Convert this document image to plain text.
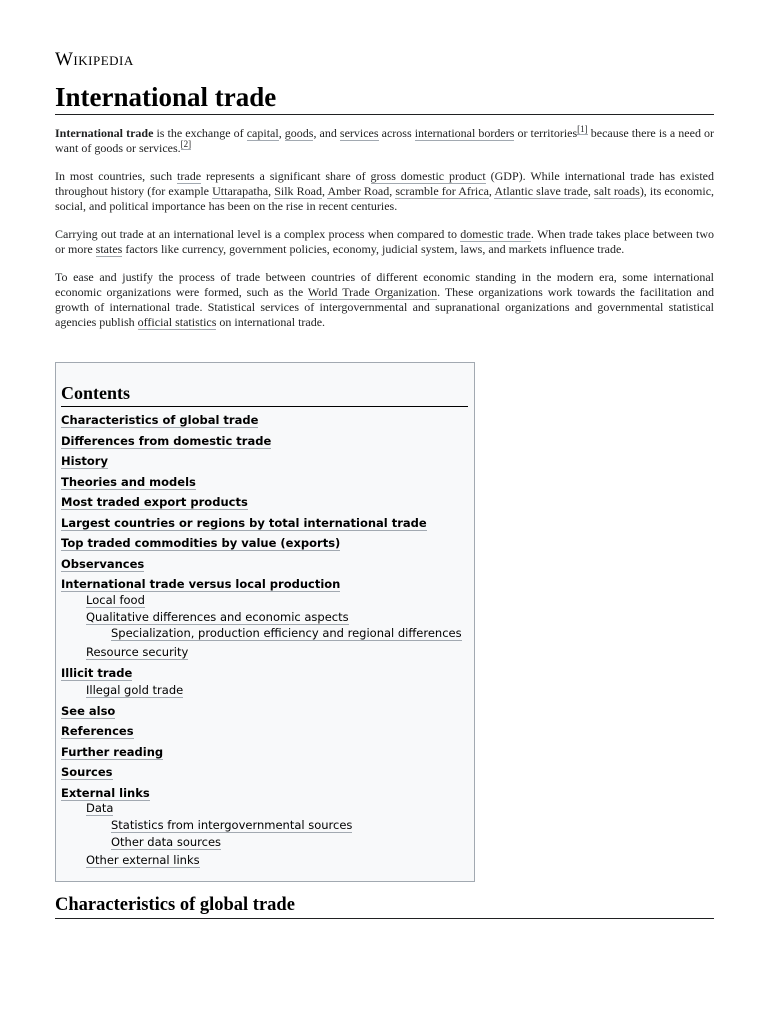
Wikipedia
International trade

International trade is the exchange of capital, goods, and services across international borders or territories[1] because there is a need or want of goods or services.[2]

In most countries, such trade represents a significant share of gross domestic product (GDP). While international trade has existed throughout history (for example Uttarapatha, Silk Road, Amber Road, scramble for Africa, Atlantic slave trade, salt roads), its economic, social, and political importance has been on the rise in recent centuries.

Carrying out trade at an international level is a complex process when compared to domestic trade. When trade takes place between two or more states factors like currency, government policies, economy, judicial system, laws, and markets influence trade.

To ease and justify the process of trade between countries of different economic standing in the modern era, some international economic organizations were formed, such as the World Trade Organization. These organizations work towards the facilitation and growth of international trade. Statistical services of intergovernmental and supranational organizations and governmental statistical agencies publish official statistics on international trade.

Contents
Characteristics of global trade
Differences from domestic trade
History
Theories and models
Most traded export products
Largest countries or regions by total international trade
Top traded commodities by value (exports)
Observances
International trade versus local production
Local food
Qualitative differences and economic aspects
Specialization, production efficiency and regional differences
Resource security
Illicit trade
Illegal gold trade
See also
References
Further reading
Sources
External links
Data
Statistics from intergovernmental sources
Other data sources
Other external links
Characteristics of global trade
